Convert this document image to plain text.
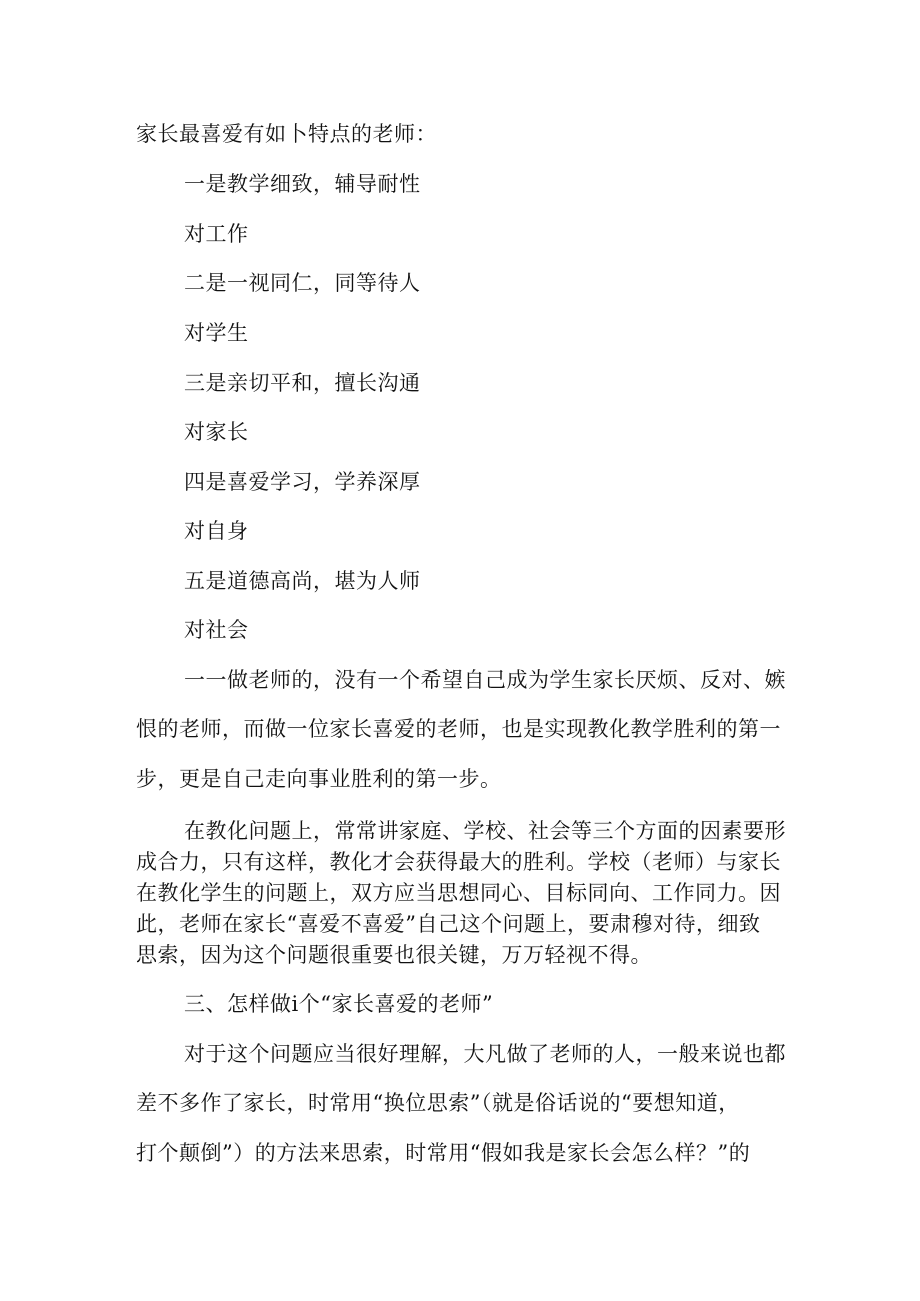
家长最喜爱有如卜特点的老师：
一是教学细致，辅导耐性
对工作
二是一视同仁，同等待人
对学生
三是亲切平和，擅长沟通
对家长
四是喜爱学习，学养深厚
对自身
五是道德高尚，堪为人师
对社会
一一做老师的，没有一个希望自己成为学生家长厌烦、反对、嫉
恨的老师，而做一位家长喜爱的老师，也是实现教化教学胜利的第一
步，更是自己走向事业胜利的第一步。
在教化问题上，常常讲家庭、学校、社会等三个方面的因素要形
成合力，只有这样，教化才会获得最大的胜利。学校（老师）与家长
在教化学生的问题上，双方应当思想同心、目标同向、工作同力。因
此，老师在家长“喜爱不喜爱”自己这个问题上，要肃穆对待，细致
思索，因为这个问题很重要也很关键，万万轻视不得。
三、怎样做i个“家长喜爱的老师”
对于这个问题应当很好理解，大凡做了老师的人，一般来说也都
差不多作了家长，时常用“换位思索”（就是俗话说的“要想知道，
打个颠倒”）的方法来思索，时常用“假如我是家长会怎么样？”的
